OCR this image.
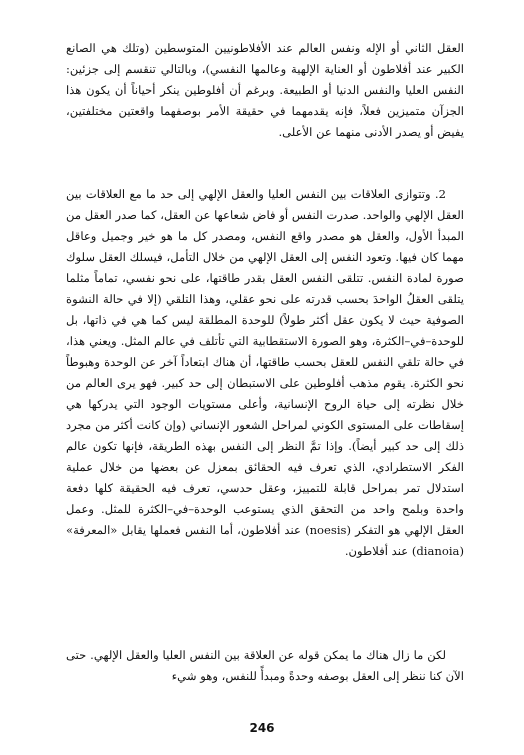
العقل الثاني أو الإله ونفس العالم عند الأفلاطونيين المتوسطين (وتلك هي الصانع الكبير عند أفلاطون أو العناية الإلهية وعالمها النفسي)، وبالتالي تنقسم إلى جزئين: النفس العليا والنفس الدنيا أو الطبيعة. وبرغم أن أفلوطين ينكر أحياناً أن يكون هذا الجزآن متميزين فعلاً، فإنه يقدمهما في حقيقة الأمر بوصفهما واقعتين مختلفتين، يفيض أو يصدر الأدنى منهما عن الأعلى.

2. وتتوازى العلاقات بين النفس العليا والعقل الإلهي إلى حد ما مع العلاقات بين العقل الإلهي والواحد. صدرت النفس أو فاض شعاعها عن العقل، كما صدر العقل من المبدأ الأول، والعقل هو مصدر واقع النفس، ومصدر كل ما هو خير وجميل وعاقل مهما كان فيها. وتعود النفس إلى العقل الإلهي من خلال التأمل، فيسلك العقل سلوك صورة لمادة النفس. تتلقى النفس العقل بقدر طاقتها، على نحو نفسي، تماماً مثلما يتلقى العقلُ الواحدَ بحسب قدرته على نحو عقلي، وهذا التلقي (إلا في حالة النشوة الصوفية حيث لا يكون عقل أكثر طولاً) للوحدة المطلقة ليس كما هي في ذاتها، بل للوحدة–في–الكثرة، وهو الصورة الاستقطابية التي تأتلف في عالم المثل. ويعني هذا، في حالة تلقي النفس للعقل بحسب طاقتها، أن هناك ابتعاداً آخر عن الوحدة وهبوطاً نحو الكثرة. يقوم مذهب أفلوطين على الاستبطان إلى حد كبير. فهو يرى العالم من خلال نظرته إلى حياة الروح الإنسانية، وأعلى مستويات الوجود التي يدركها هي إسقاطات على المستوى الكوني لمراحل الشعور الإنساني (وإن كانت أكثر من مجرد ذلك إلى حد كبير أيضاً). وإذا تمَّ النظر إلى النفس بهذه الطريقة، فإنها تكون عالم الفكر الاستطرادي، الذي تعرف فيه الحقائق بمعزل عن بعضها من خلال عملية استدلال تمر بمراحل قابلة للتمييز، وعقل حدسي، تعرف فيه الحقيقة كلها دفعة واحدة وبلمح واحد من التحقق الذي يستوعب الوحدة–في–الكثرة للمثل. وعمل العقل الإلهي هو التفكر (noesis) عند أفلاطون، أما النفس فعملها يقابل «المعرفة» (dianoia) عند أفلاطون.

لكن ما زال هناك ما يمكن قوله عن العلاقة بين النفس العليا والعقل الإلهي. حتى الآن كنا ننظر إلى العقل بوصفه وحدةً ومبدأً للنفس، وهو شيء

246
